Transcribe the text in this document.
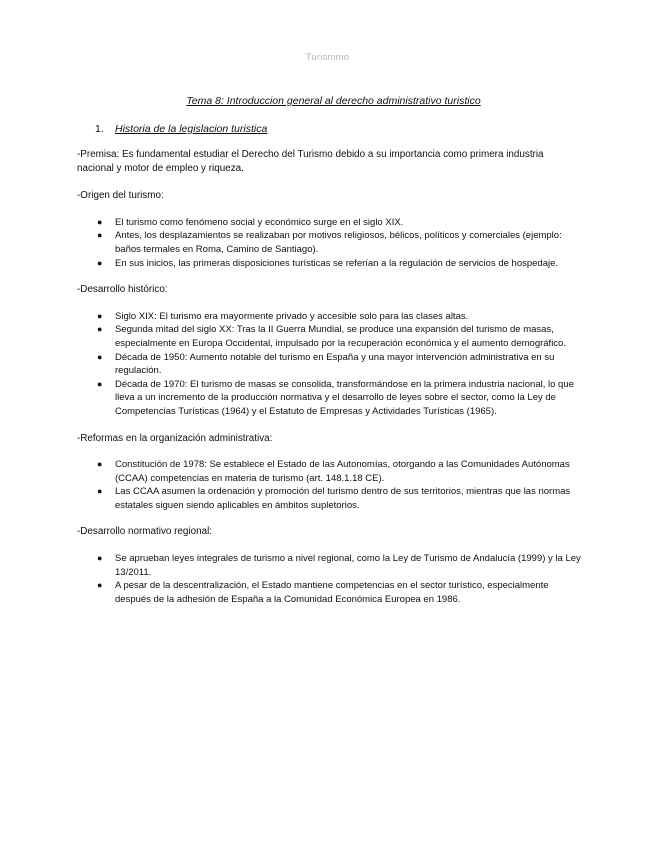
Turismmo
Tema 8: Introduccion general al derecho administrativo turistico
1.	Historia de la legislacion turistica

-Premisa: Es fundamental estudiar el Derecho del Turismo debido a su importancia como primera industria nacional y motor de empleo y riqueza.

-Origen del turismo:

● El turismo como fenómeno social y económico surge en el siglo XIX.
● Antes, los desplazamientos se realizaban por motivos religiosos, bélicos, políticos y comerciales (ejemplo: baños termales en Roma, Camino de Santiago).
● En sus inicios, las primeras disposiciones turísticas se referían a la regulación de servicios de hospedaje.

-Desarrollo histórico:

● Siglo XIX: El turismo era mayormente privado y accesible solo para las clases altas.
● Segunda mitad del siglo XX: Tras la II Guerra Mundial, se produce una expansión del turismo de masas, especialmente en Europa Occidental, impulsado por la recuperación económica y el aumento demográfico.
● Década de 1950: Aumento notable del turismo en España y una mayor intervención administrativa en su regulación.
● Década de 1970: El turismo de masas se consolida, transformándose en la primera industria nacional, lo que lleva a un incremento de la producción normativa y el desarrollo de leyes sobre el sector, como la Ley de Competencias Turísticas (1964) y el Estatuto de Empresas y Actividades Turísticas (1965).

-Reformas en la organización administrativa:

● Constitución de 1978: Se establece el Estado de las Autonomías, otorgando a las Comunidades Autónomas (CCAA) competencias en materia de turismo (art. 148.1.18 CE).
● Las CCAA asumen la ordenación y promoción del turismo dentro de sus territorios, mientras que las normas estatales siguen siendo aplicables en ámbitos supletorios.

-Desarrollo normativo regional:

● Se aprueban leyes integrales de turismo a nivel regional, como la Ley de Turismo de Andalucía (1999) y la Ley 13/2011.
● A pesar de la descentralización, el Estado mantiene competencias en el sector turístico, especialmente después de la adhesión de España a la Comunidad Económica Europea en 1986.
